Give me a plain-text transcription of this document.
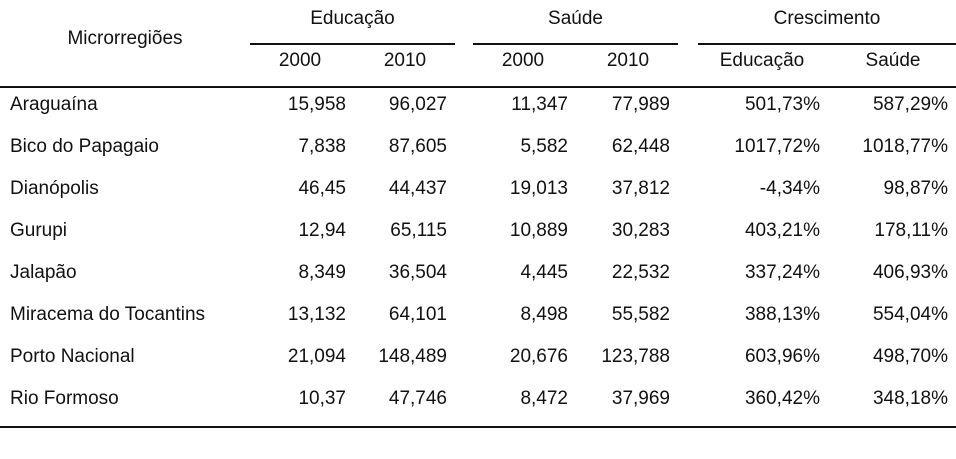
Microrregiões
Educação	Saúde	Crescimento
2000	2010	2000	2010	Educação	Saúde
Araguaína	15,958	96,027	11,347	77,989	501,73%	587,29%
Bico do Papagaio	7,838	87,605	5,582	62,448	1017,72%	1018,77%
Dianópolis	46,45	44,437	19,013	37,812	-4,34%	98,87%
Gurupi	12,94	65,115	10,889	30,283	403,21%	178,11%
Jalapão	8,349	36,504	4,445	22,532	337,24%	406,93%
Miracema do Tocantins	13,132	64,101	8,498	55,582	388,13%	554,04%
Porto Nacional	21,094	148,489	20,676	123,788	603,96%	498,70%
Rio Formoso	10,37	47,746	8,472	37,969	360,42%	348,18%
